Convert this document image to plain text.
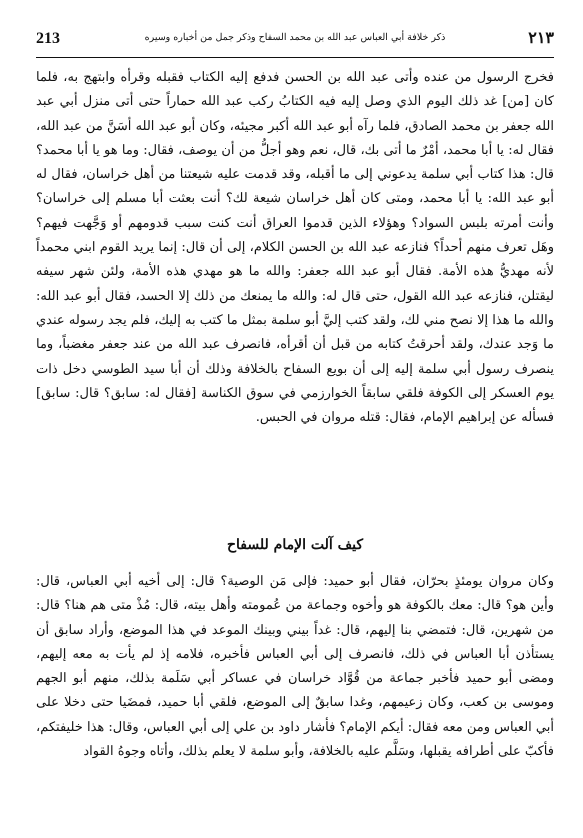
213	ذكر خلافة أبي العباس عبد الله بن محمد السفاح وذكر جمل من أخباره وسيره	٢١٣

فخرج الرسول من عنده وأتى عبد الله بن الحسن فدفع إليه الكتاب فقبله وقرأه وابتهج به، فلما كان [من] غد ذلك اليوم الذي وصل إليه فيه الكتابُ ركب عبد الله حماراً حتى أتى منزل أبي عبد الله جعفر بن محمد الصادق، فلما رآه أبو عبد الله أكبر مجيئه، وكان أبو عبد الله أسَنَّ من عبد الله، فقال له: يا أبا محمد، أمْرٌ ما أتى بك، قال، نعم وهو أجلُّ من أن يوصف، فقال: وما هو يا أبا محمد؟ قال: هذا كتاب أبي سلمة يدعوني إلى ما أقبله، وقد قدمت عليه شيعتنا من أهل خراسان، فقال له أبو عبد الله: يا أبا محمد، ومتى كان أهل خراسان شيعة لك؟ أنت بعثت أبا مسلم إلى خراسان؟ وأنت أمرته بلبس السواد؟ وهؤلاء الذين قدموا العراق أنت كنت سبب قدومهم أو وَجَّهت فيهم؟ وهَل تعرف منهم أحداً؟ فنازعه عبد الله بن الحسن الكلام، إلى أن قال: إنما يريد القوم ابني محمداً لأنه مهديُّ هذه الأمة. فقال أبو عبد الله جعفر: والله ما هو مهدي هذه الأمة، ولئن شهر سيفه ليقتلن، فنازعه عبد الله القول، حتى قال له: والله ما يمنعك من ذلك إلا الحسد، فقال أبو عبد الله: والله ما هذا إلا نصح مني لك، ولقد كتب إليَّ أبو سلمة بمثل ما كتب به إليك، فلم يجد رسوله عندي ما وَجد عندك، ولقد أحرقتُ كتابه من قبل أن أقرأه، فانصرف عبد الله من عند جعفر مغضباً، وما ينصرف رسول أبي سلمة إليه إلى أن بويع السفاح بالخلافة وذلك أن أبا سيد الطوسي دخل ذات يوم العسكر إلى الكوفة فلقي سابقاً الخوارزمي في سوق الكناسة [فقال له: سابق؟ قال: سابق] فسأله عن إبراهيم الإمام، فقال: قتله مروان في الحبس.

كيف آلت الإمام للسفاح

وكان مروان يومئذٍ بحرّان، فقال أبو حميد: فإلى مَن الوصية؟ قال: إلى أخيه أبي العباس، قال: وأين هو؟ قال: معك بالكوفة هو وأخوه وجماعة من عُمومته وأهل بيته، قال: مُذْ متى هم هنا؟ قال: من شهرين، قال: فتمضي بنا إليهم، قال: غداً بيني وبينك الموعد في هذا الموضع، وأراد سابق أن يستأذن أبا العباس في ذلك، فانصرف إلى أبي العباس فأخبره، فلامه إذ لم يأت به معه إليهم، ومضى أبو حميد فأخبر جماعة من قُوَّاد خراسان في عساكر أبي سَلَمة بذلك، منهم أبو الجهم وموسى بن كعب، وكان زعيمهم، وغدا سابقٌ إلى الموضع، فلقي أبا حميد، فمضَيا حتى دخلا على أبي العباس ومن معه فقال: أيكم الإمام؟ فأشار داود بن علي إلى أبي العباس، وقال: هذا خليفتكم، فأكبّ على أطرافه يقبلها، وسَلَّم عليه بالخلافة، وأبو سلمة لا يعلم بذلك، وأتاه وجوهُ القواد
